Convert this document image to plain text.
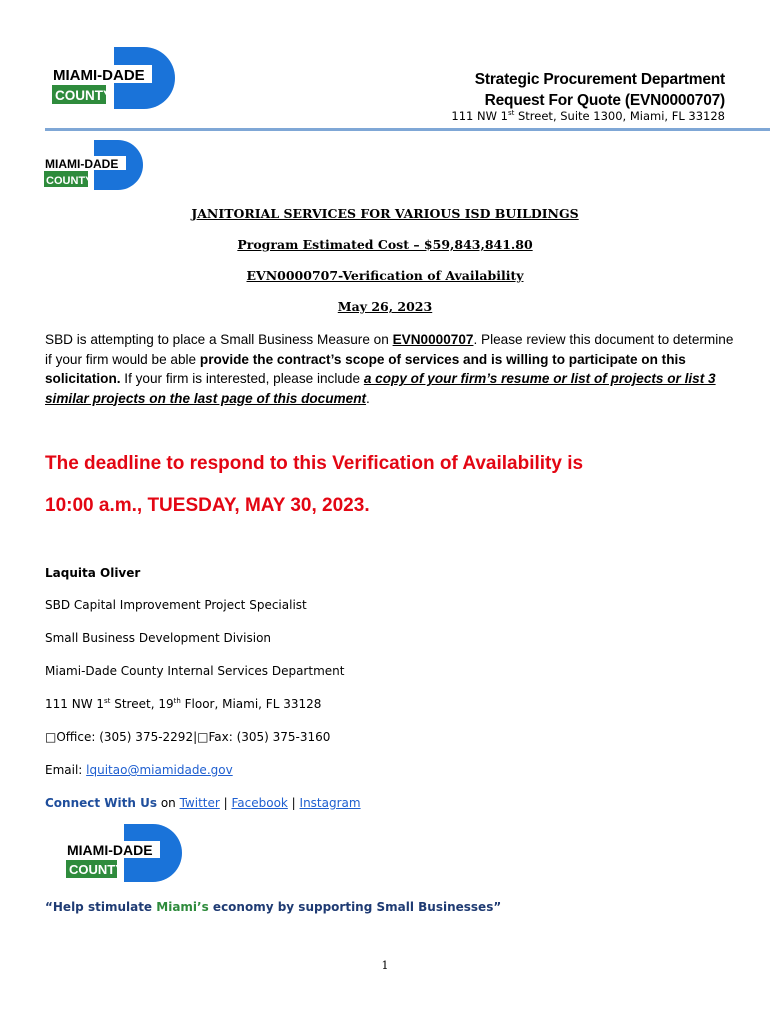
MIAMI-DADE
COUNTY
Strategic Procurement Department
Request For Quote (EVN0000707)
111 NW 1st Street, Suite 1300, Miami, FL 33128
MIAMI-DADE
COUNTY
JANITORIAL SERVICES FOR VARIOUS ISD BUILDINGS
Program Estimated Cost – $59,843,841.80
EVN0000707-Verification of Availability
May 26, 2023
SBD is attempting to place a Small Business Measure on EVN0000707. Please review this document to determine if your firm would be able provide the contract’s scope of services and is willing to participate on this solicitation. If your firm is interested, please include a copy of your firm’s resume or list of projects or list 3 similar projects on the last page of this document.
The deadline to respond to this Verification of Availability is
10:00 a.m., TUESDAY, MAY 30, 2023.
Laquita Oliver
SBD Capital Improvement Project Specialist
Small Business Development Division
Miami-Dade County Internal Services Department
111 NW 1st Street, 19th Floor, Miami, FL 33128
□Office: (305) 375-2292|□Fax: (305) 375-3160
Email: lquitao@miamidade.gov
Connect With Us on Twitter | Facebook | Instagram
MIAMI-DADE
COUNTY
“Help stimulate Miami’s economy by supporting Small Businesses”
1
